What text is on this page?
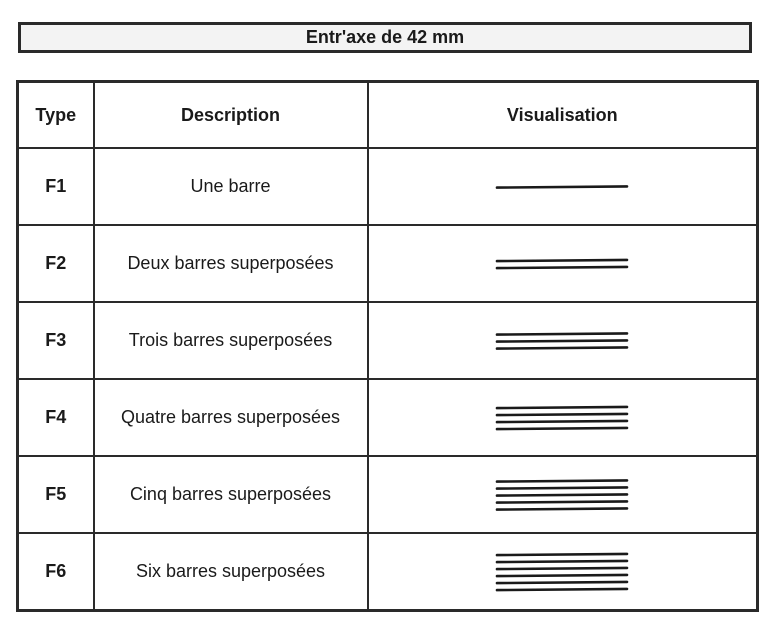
Entr'axe de 42 mm
Type	Description	Visualisation
F1	Une barre	

F2	Deux barres superposées	

F3	Trois barres superposées	

F4	Quatre barres superposées	

F5	Cinq barres superposées	

F6	Six barres superposées	
